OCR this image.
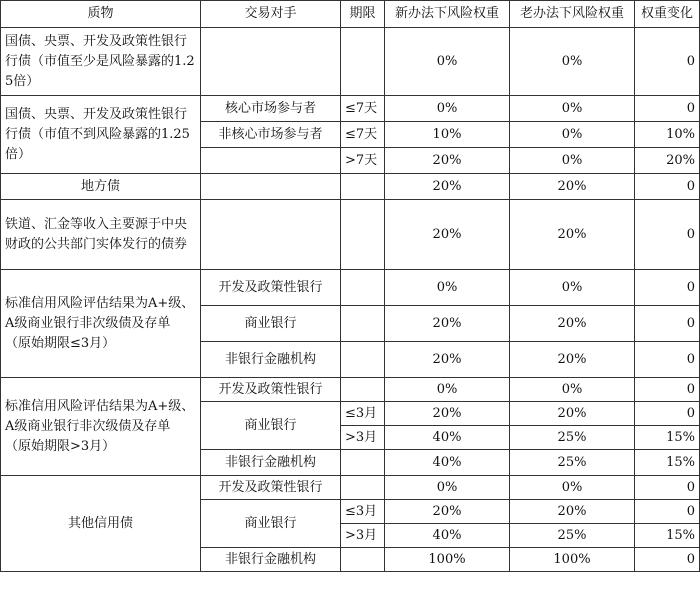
质物	交易对手	期限	新办法下风险权重	老办法下风险权重	权重变化
国债、央票、开发及政策性银行行债（市值至少是风险暴露的1.25倍）			0%	0%	0
国债、央票、开发及政策性银行行债（市值不到风险暴露的1.25倍）	核心市场参与者	≤7天	0%	0%	0
	非核心市场参与者	≤7天	10%	0%	10%
		>7天	20%	0%	20%
地方债			20%	20%	0
铁道、汇金等收入主要源于中央财政的公共部门实体发行的债券			20%	20%	0
标准信用风险评估结果为A+级、A级商业银行非次级债及存单（原始期限≤3月）	开发及政策性银行		0%	0%	0
	商业银行		20%	20%	0
	非银行金融机构		20%	20%	0
标准信用风险评估结果为A+级、A级商业银行非次级债及存单（原始期限>3月）	开发及政策性银行		0%	0%	0
	商业银行	≤3月	20%	20%	0
		>3月	40%	25%	15%
	非银行金融机构		40%	25%	15%
其他信用债	开发及政策性银行		0%	0%	0
	商业银行	≤3月	20%	20%	0
		>3月	40%	25%	15%
	非银行金融机构		100%	100%	0
